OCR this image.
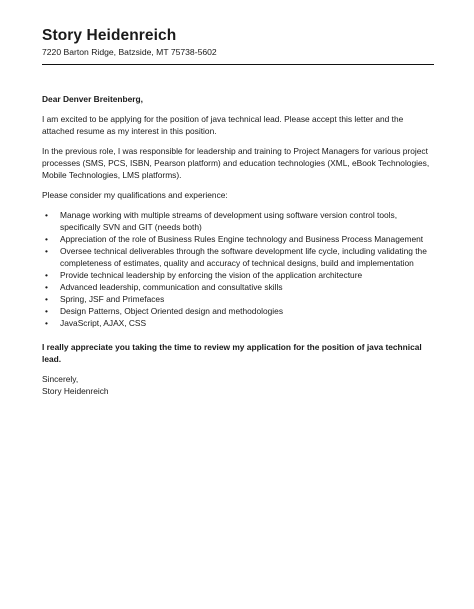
Story Heidenreich
7220 Barton Ridge, Batzside, MT 75738-5602

Dear Denver Breitenberg,

I am excited to be applying for the position of java technical lead. Please accept this letter and the attached resume as my interest in this position.

In the previous role, I was responsible for leadership and training to Project Managers for various project processes (SMS, PCS, ISBN, Pearson platform) and education technologies (XML, eBook Technologies, Mobile Technologies, LMS platforms).

Please consider my qualifications and experience:

• Manage working with multiple streams of development using software version control tools, specifically SVN and GIT (needs both)
• Appreciation of the role of Business Rules Engine technology and Business Process Management
• Oversee technical deliverables through the software development life cycle, including validating the completeness of estimates, quality and accuracy of technical designs, build and implementation
• Provide technical leadership by enforcing the vision of the application architecture
• Advanced leadership, communication and consultative skills
• Spring, JSF and Primefaces
• Design Patterns, Object Oriented design and methodologies
• JavaScript, AJAX, CSS

I really appreciate you taking the time to review my application for the position of java technical lead.

Sincerely,

Story Heidenreich
